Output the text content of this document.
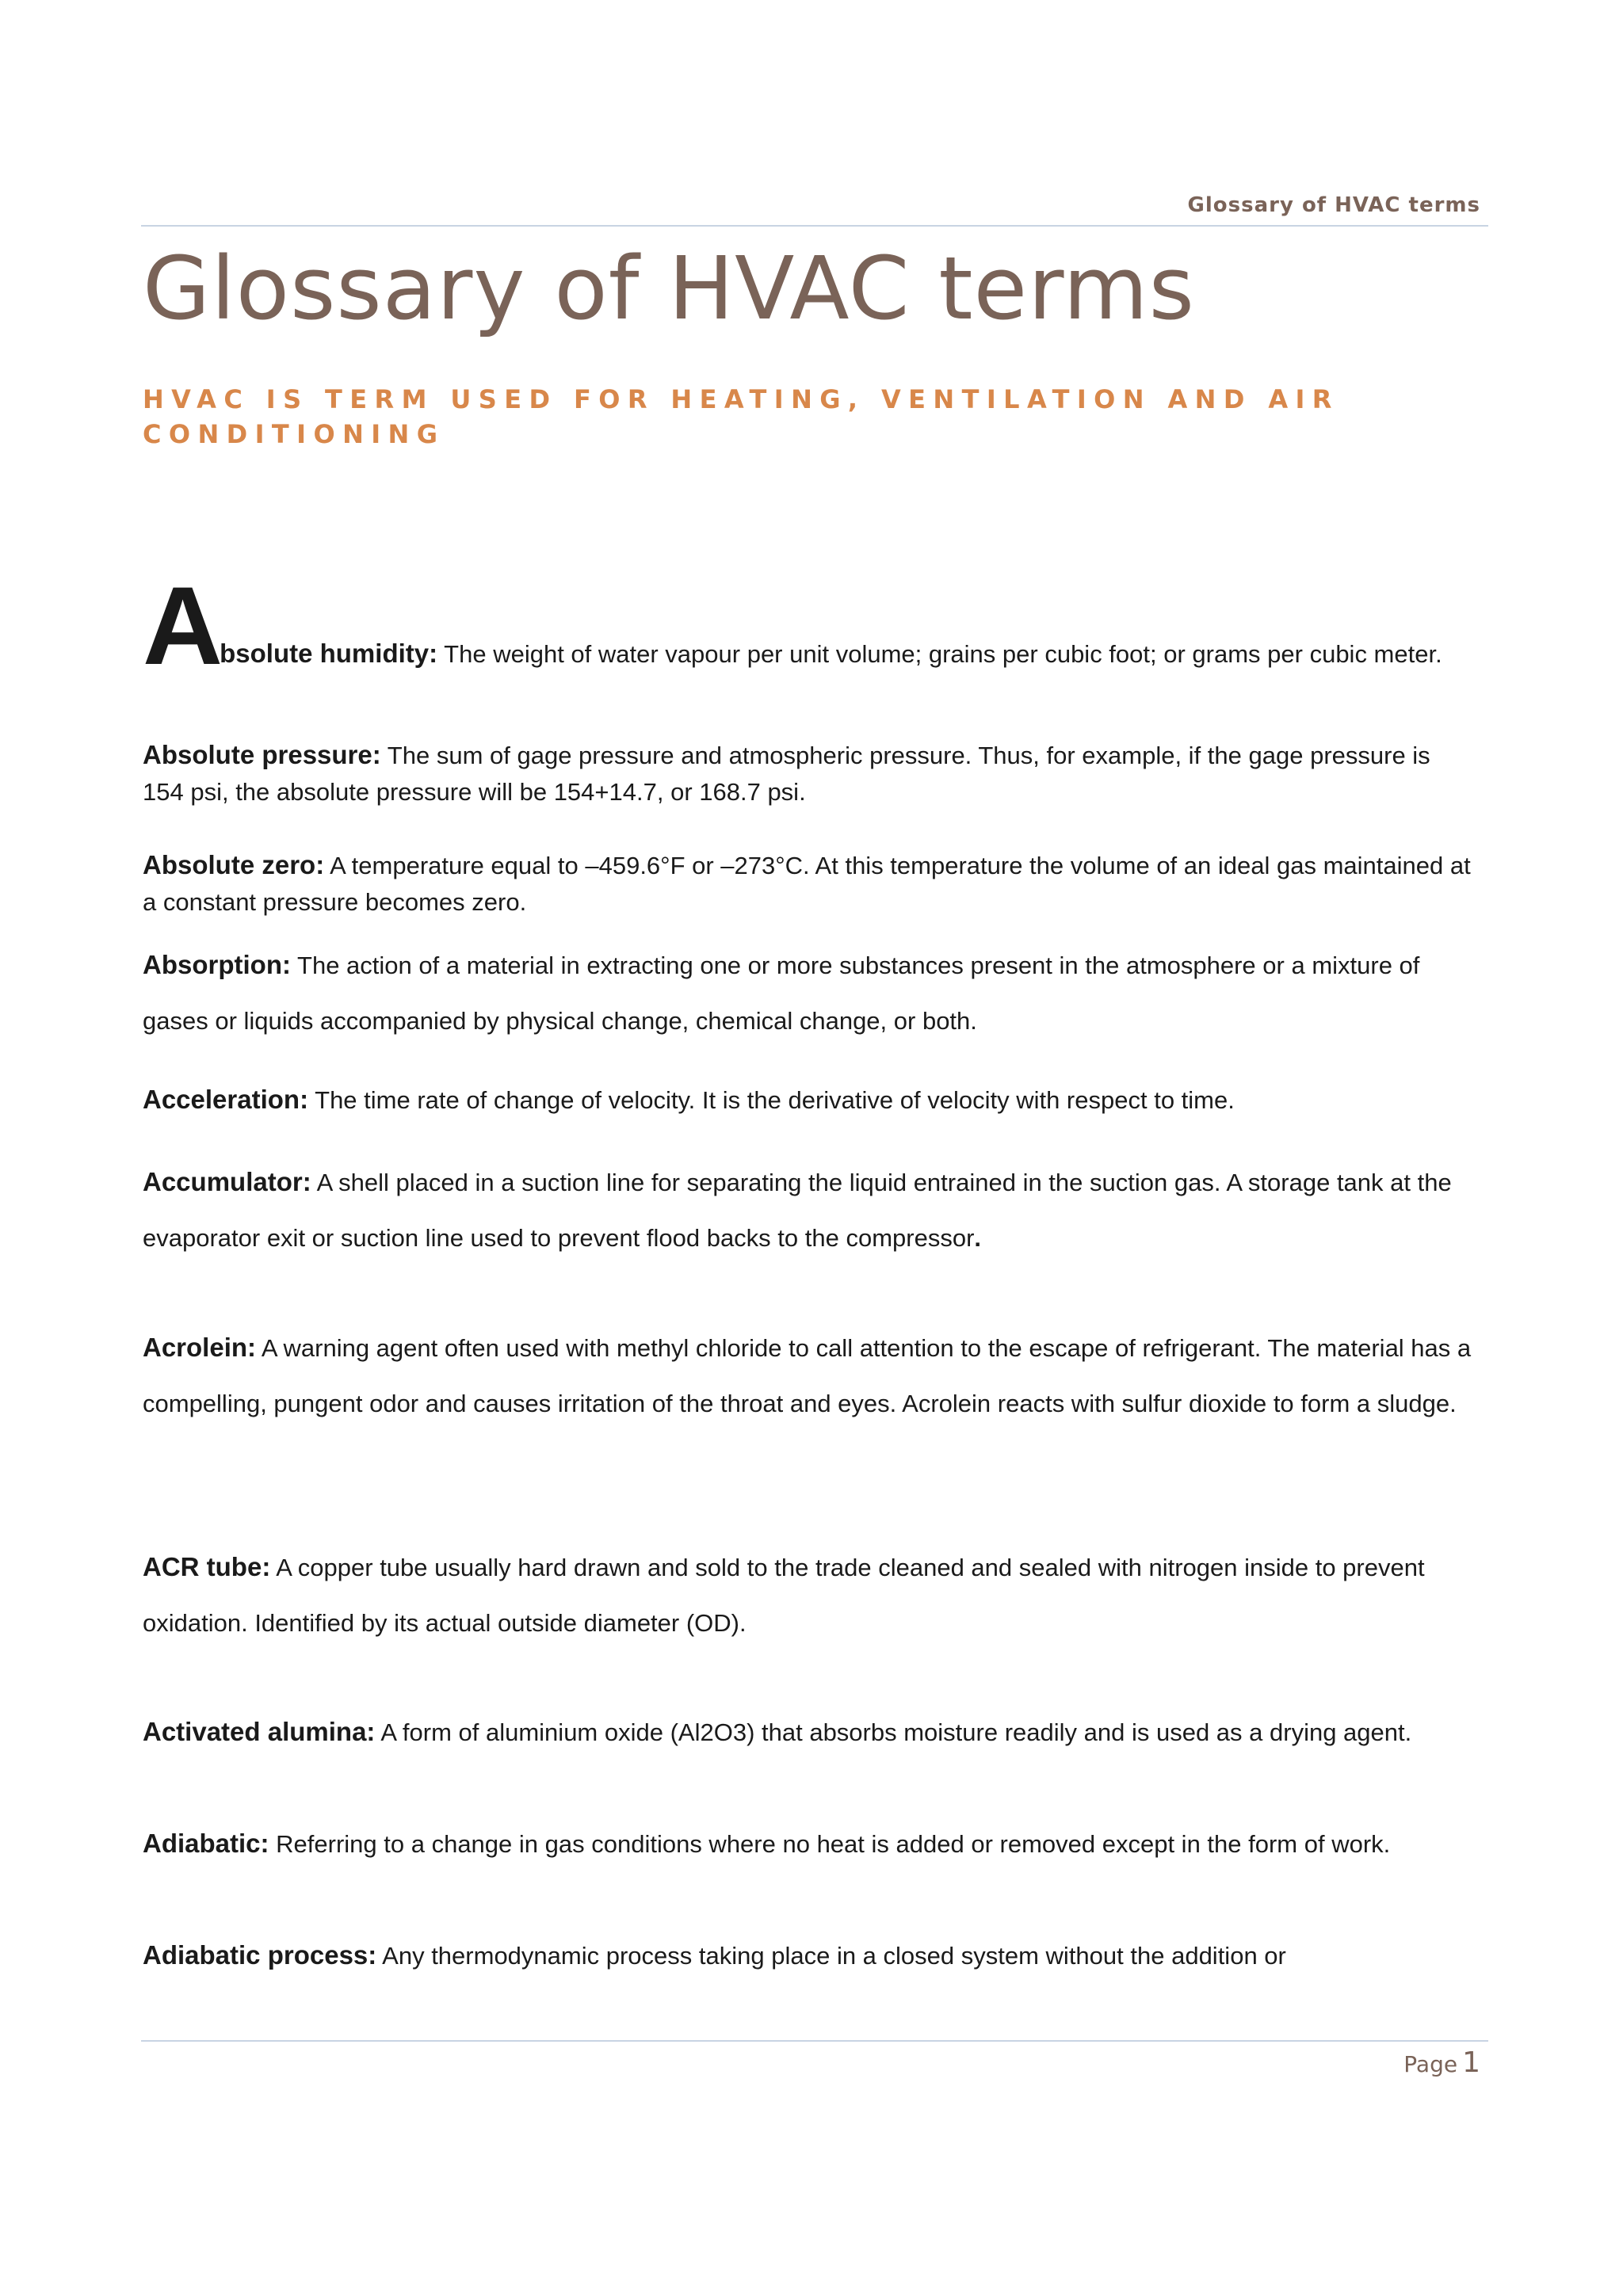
Glossary of HVAC terms
Glossary of HVAC terms

HVAC IS TERM USED FOR HEATING, VENTILATION AND AIR CONDITIONING

Absolute humidity: The weight of water vapour per unit volume; grains per cubic foot; or grams per cubic meter.

Absolute pressure: The sum of gage pressure and atmospheric pressure. Thus, for example, if the gage pressure is 154 psi, the absolute pressure will be 154+14.7, or 168.7 psi.

Absolute zero: A temperature equal to –459.6°F or –273°C. At this temperature the volume of an ideal gas maintained at a constant pressure becomes zero.

Absorption: The action of a material in extracting one or more substances present in the atmosphere or a mixture of gases or liquids accompanied by physical change, chemical change, or both.

Acceleration: The time rate of change of velocity. It is the derivative of velocity with respect to time.

Accumulator: A shell placed in a suction line for separating the liquid entrained in the suction gas. A storage tank at the evaporator exit or suction line used to prevent flood backs to the compressor.

Acrolein: A warning agent often used with methyl chloride to call attention to the escape of refrigerant. The material has a compelling, pungent odor and causes irritation of the throat and eyes. Acrolein reacts with sulfur dioxide to form a sludge.

ACR tube: A copper tube usually hard drawn and sold to the trade cleaned and sealed with nitrogen inside to prevent oxidation. Identified by its actual outside diameter (OD).

Activated alumina: A form of aluminium oxide (Al2O3) that absorbs moisture readily and is used as a drying agent.

Adiabatic: Referring to a change in gas conditions where no heat is added or removed except in the form of work.

Adiabatic process: Any thermodynamic process taking place in a closed system without the addition or

Page 1
